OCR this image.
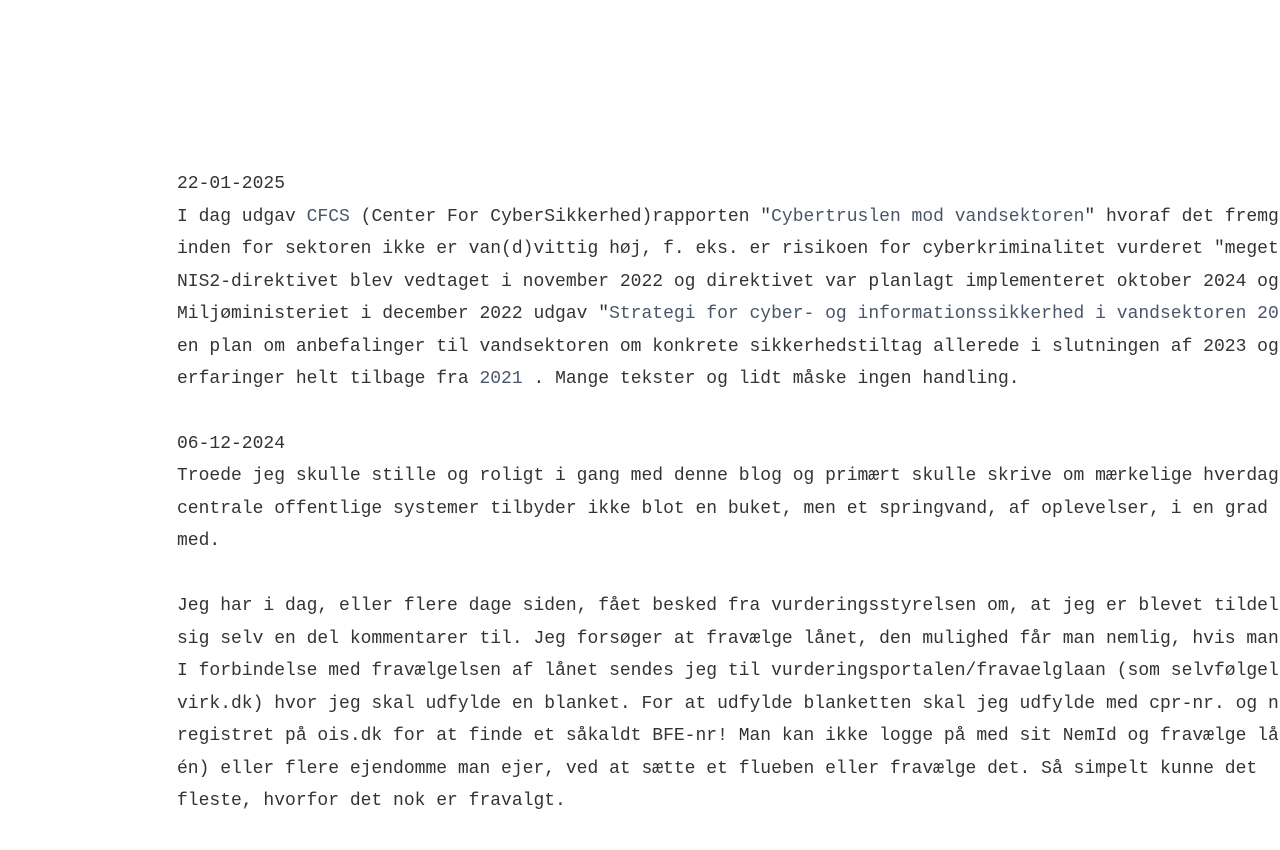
22-01-2025
I dag udgav CFCS (Center For CyberSikkerhed)rapporten "Cybertruslen mod vandsektoren" hvoraf det fremg
inden for sektoren ikke er van(d)vittig høj, f. eks. er risikoen for cyberkriminalitet vurderet "meget
NIS2-direktivet blev vedtaget i november 2022 og direktivet var planlagt implementeret oktober 2024 og
Miljøministeriet i december 2022 udgav "Strategi for cyber- og informationssikkerhed i vandsektoren 20
en plan om anbefalinger til vandsektoren om konkrete sikkerhedstiltag allerede i slutningen af 2023 og
erfaringer helt tilbage fra 2021 . Mange tekster og lidt måske ingen handling.
06-12-2024
Troede jeg skulle stille og roligt i gang med denne blog og primært skulle skrive om mærkelige hverdag
centrale offentlige systemer tilbyder ikke blot en buket, men et springvand, af oplevelser, i en grad
med.
Jeg har i dag, eller flere dage siden, fået besked fra vurderingsstyrelsen om, at jeg er blevet tildel
sig selv en del kommentarer til. Jeg forsøger at fravælge lånet, den mulighed får man nemlig, hvis man
I forbindelse med fravælgelsen af lånet sendes jeg til vurderingsportalen/fravaelglaan (som selvfølgel
virk.dk) hvor jeg skal udfylde en blanket. For at udfylde blanketten skal jeg udfylde med cpr-nr. og n
registret på ois.dk for at finde et såkaldt BFE-nr! Man kan ikke logge på med sit NemId og fravælge lå
én) eller flere ejendomme man ejer, ved at sætte et flueben eller fravælge det. Så simpelt kunne det
fleste, hvorfor det nok er fravalgt.
